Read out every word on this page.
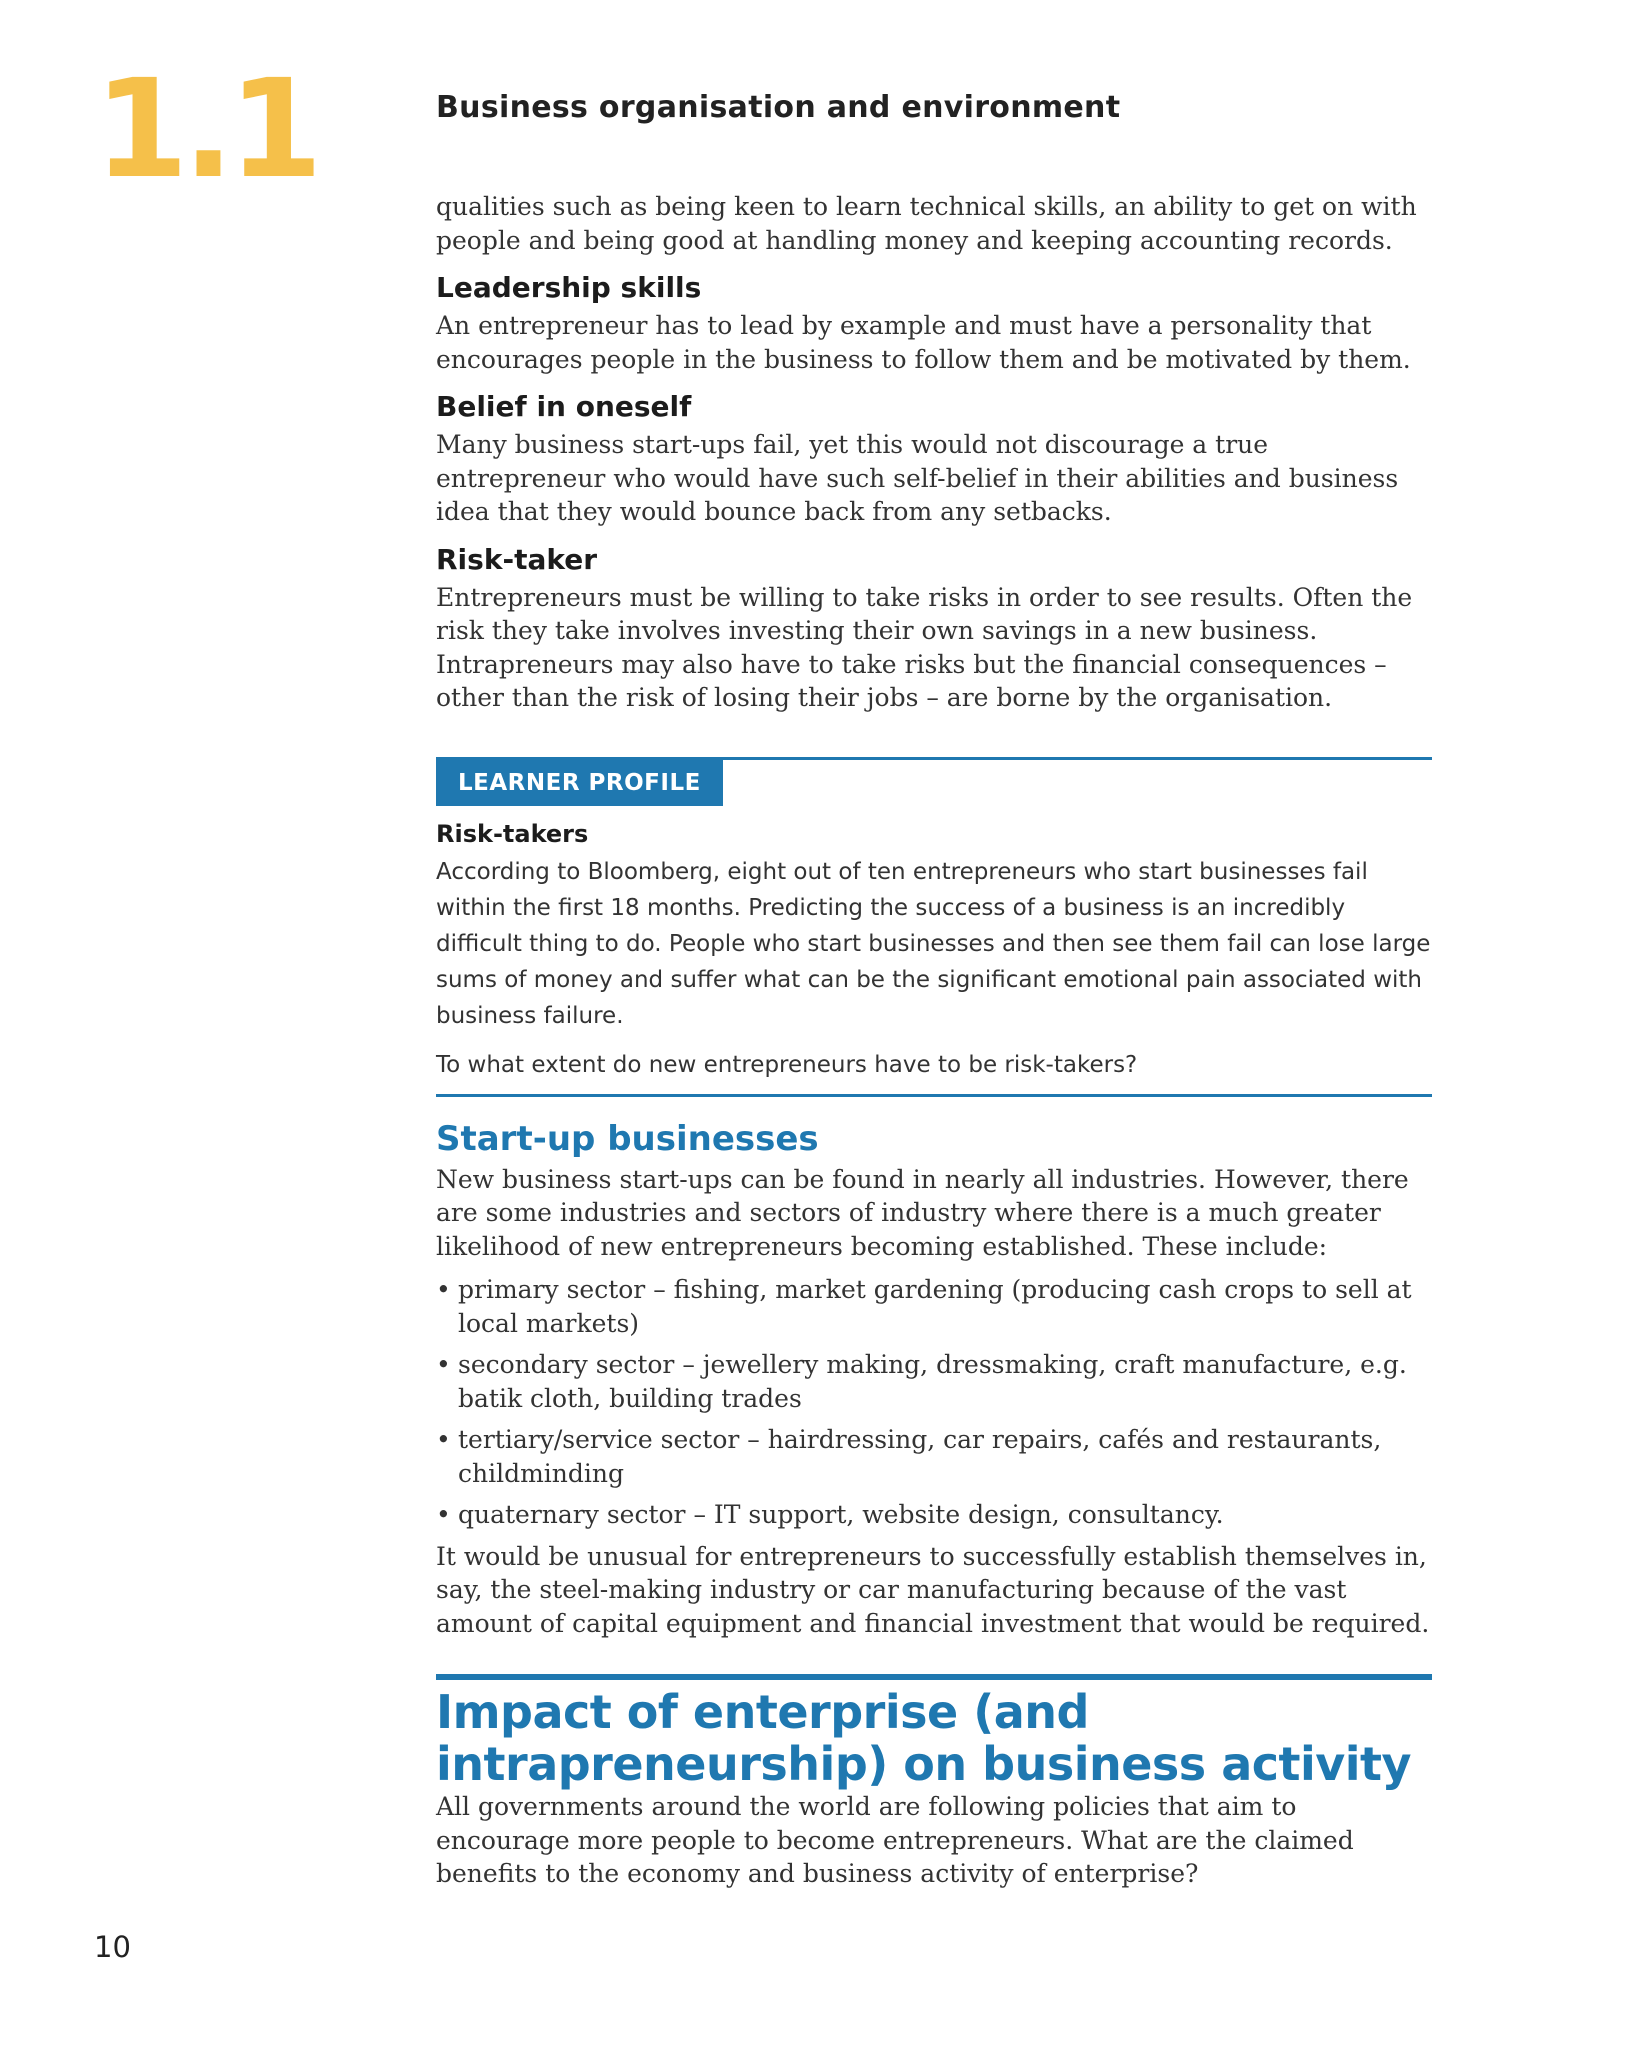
1.1	Business organisation and environment

qualities such as being keen to learn technical skills, an ability to get on with people and being good at handling money and keeping accounting records.

Leadership skills

An entrepreneur has to lead by example and must have a personality that encourages people in the business to follow them and be motivated by them.

Belief in oneself

Many business start-ups fail, yet this would not discourage a true entrepreneur who would have such self-belief in their abilities and business idea that they would bounce back from any setbacks.

Risk-taker

Entrepreneurs must be willing to take risks in order to see results. Often the risk they take involves investing their own savings in a new business. Intrapreneurs may also have to take risks but the financial consequences – other than the risk of losing their jobs – are borne by the organisation.

LEARNER PROFILE
Risk-takers

According to Bloomberg, eight out of ten entrepreneurs who start businesses fail within the first 18 months. Predicting the success of a business is an incredibly difficult thing to do. People who start businesses and then see them fail can lose large sums of money and suffer what can be the significant emotional pain associated with business failure.

To what extent do new entrepreneurs have to be risk-takers?

Start-up businesses

New business start-ups can be found in nearly all industries. However, there are some industries and sectors of industry where there is a much greater likelihood of new entrepreneurs becoming established. These include:

• primary sector – fishing, market gardening (producing cash crops to sell at local markets)
• secondary sector – jewellery making, dressmaking, craft manufacture, e.g. batik cloth, building trades
• tertiary/service sector – hairdressing, car repairs, cafés and restaurants, childminding
• quaternary sector – IT support, website design, consultancy.

It would be unusual for entrepreneurs to successfully establish themselves in, say, the steel-making industry or car manufacturing because of the vast amount of capital equipment and financial investment that would be required.

Impact of enterprise (and intrapreneurship) on business activity

All governments around the world are following policies that aim to encourage more people to become entrepreneurs. What are the claimed benefits to the economy and business activity of enterprise?

10
